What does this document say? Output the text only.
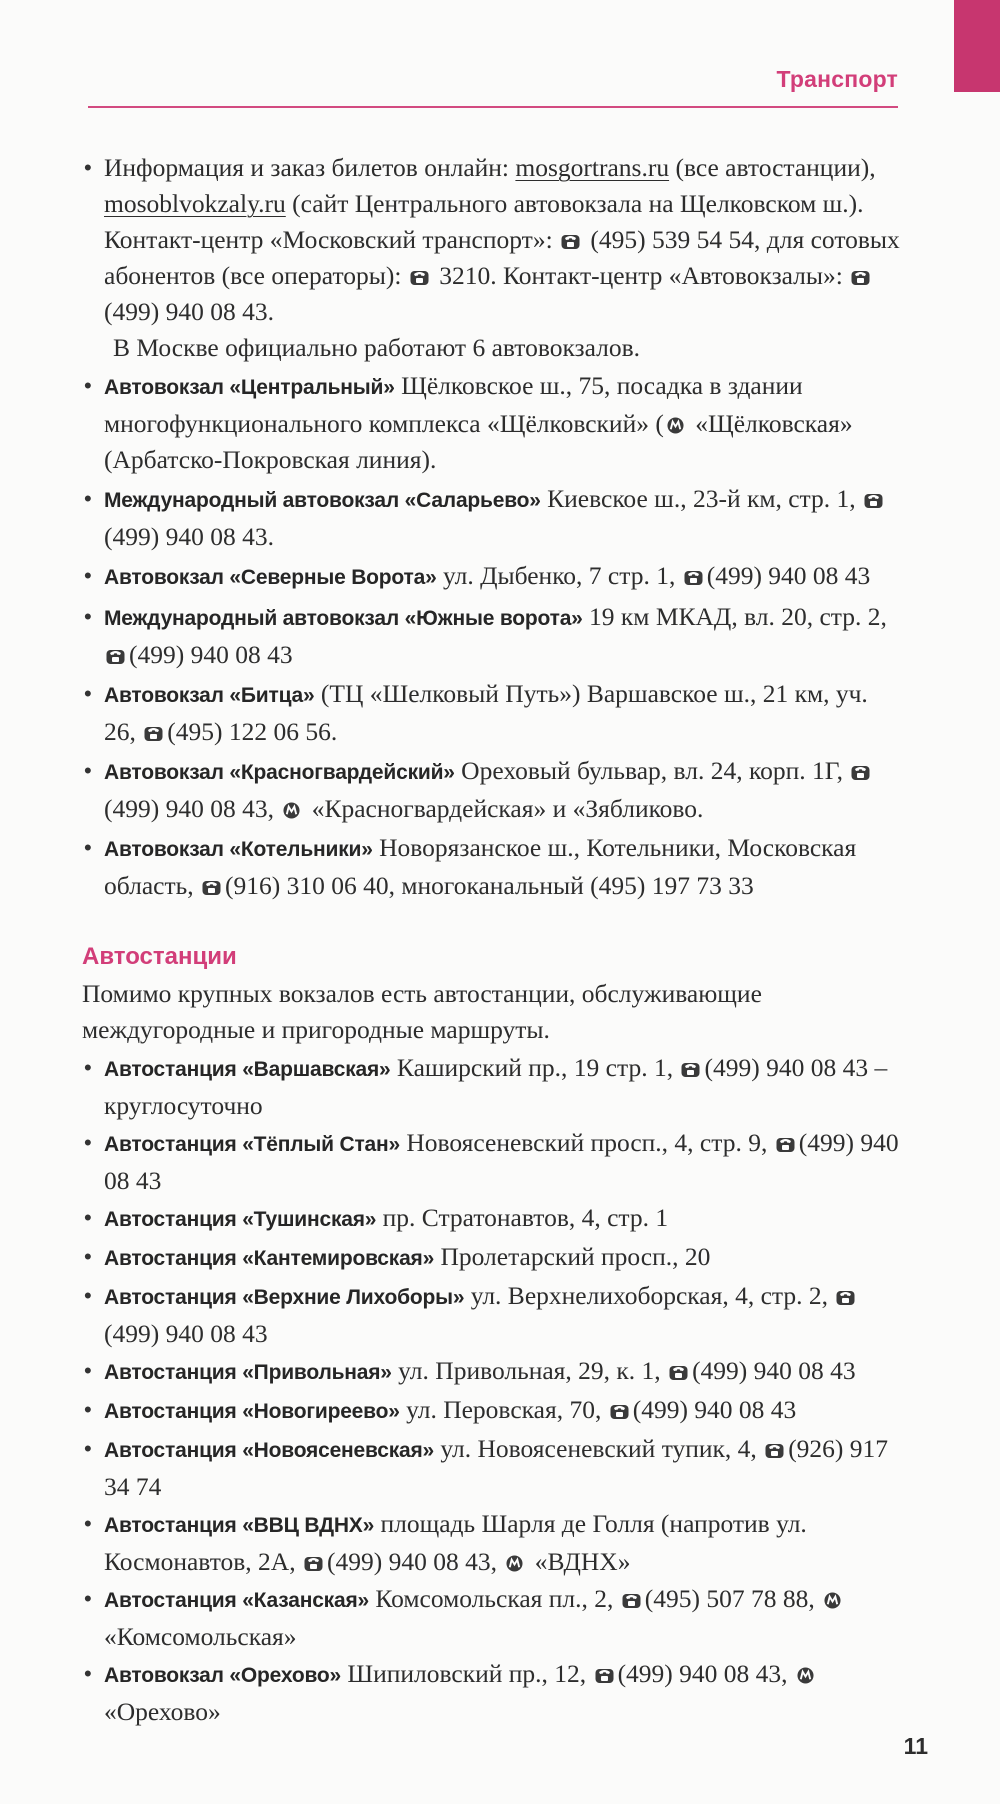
Транспорт
• Информация и заказ билетов онлайн: mosgortrans.ru (все автостанции), mosoblvokzaly.ru (сайт Центрального автовокзала на Щелковском ш.). Контакт-центр «Московский транспорт»:  (495) 539 54 54, для сотовых абонентов (все операторы):  3210. Контакт-центр «Автовокзалы»:  (499) 940 08 43.

В Москве официально работают 6 автовокзалов.

• Автовокзал «Центральный» Щёлковское ш., 75, посадка в здании многофункционального комплекса «Щёлковский» ( «Щёлковская» (Арбатско-Покровская линия).
• Международный автовокзал «Саларьево» Киевское ш., 23-й км, стр. 1, (499) 940 08 43.
• Автовокзал «Северные Ворота» ул. Дыбенко, 7 стр. 1, (499) 940 08 43
• Международный автовокзал «Южные ворота» 19 км МКАД, вл. 20, стр. 2, (499) 940 08 43
• Автовокзал «Битца» (ТЦ «Шелковый Путь») Варшавское ш., 21 км, уч. 26, (495) 122 06 56.
• Автовокзал «Красногвардейский» Ореховый бульвар, вл. 24, корп. 1Г, (499) 940 08 43,  «Красногвардейская» и «Зябликово.
• Автовокзал «Котельники» Новорязанское ш., Котельники, Московская область, (916) 310 06 40, многоканальный (495) 197 73 33
Автостанции

Помимо крупных вокзалов есть автостанции, обслуживающие междугородные и пригородные маршруты.

• Автостанция «Варшавская» Каширский пр., 19 стр. 1, (499) 940 08 43 – круглосуточно
• Автостанция «Тёплый Стан» Новоясеневский просп., 4, стр. 9, (499) 940 08 43
• Автостанция «Тушинская» пр. Стратонавтов, 4, стр. 1
• Автостанция «Кантемировская» Пролетарский просп., 20
• Автостанция «Верхние Лихоборы» ул. Верхнелихоборская, 4, стр. 2, (499) 940 08 43
• Автостанция «Привольная» ул. Привольная, 29, к. 1, (499) 940 08 43
• Автостанция «Новогиреево» ул. Перовская, 70, (499) 940 08 43
• Автостанция «Новоясеневская» ул. Новоясеневский тупик, 4, (926) 917 34 74
• Автостанция «ВВЦ ВДНХ» площадь Шарля де Голля (напротив ул. Космонавтов, 2А, (499) 940 08 43,  «ВДНХ»
• Автостанция «Казанская» Комсомольская пл., 2, (495) 507 78 88,  «Комсомольская»
• Автовокзал «Орехово» Шипиловский пр., 12, (499) 940 08 43,  «Орехово»
11
